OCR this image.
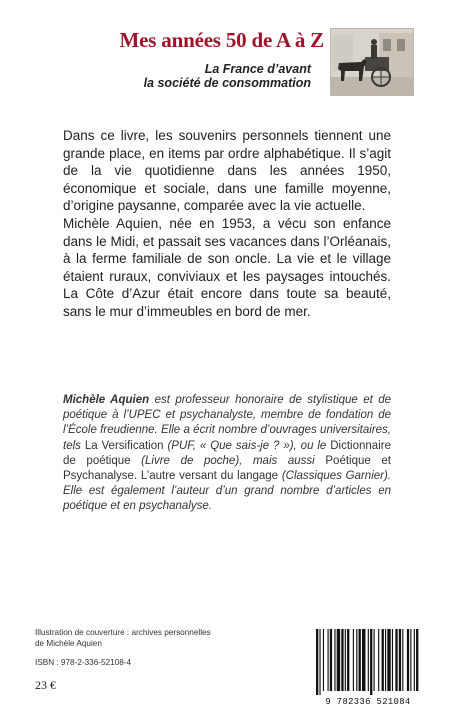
Mes années 50 de A à Z
La France d’avant
la société de consommation

Dans ce livre, les souvenirs personnels tiennent une grande place, en items par ordre alphabétique. Il s’agit de la vie quotidienne dans les années 1950, économique et sociale, dans une famille moyenne, d’origine paysanne, comparée avec la vie actuelle.

Michèle Aquien, née en 1953, a vécu son enfance dans le Midi, et passait ses vacances dans l’Orléanais, à la ferme familiale de son oncle. La vie et le village étaient ruraux, conviviaux et les paysages intouchés. La Côte d’Azur était encore dans toute sa beauté, sans le mur d’immeubles en bord de mer.

Michèle Aquien est professeur honoraire de stylistique et de poétique à l’UPEC et psychanalyste, membre de fondation de l’École freudienne. Elle a écrit nombre d’ouvrages universitaires, tels La Versification (PUF, « Que sais-je ? »), ou le Dictionnaire de poétique (Livre de poche), mais aussi Poétique et Psychanalyse. L’autre versant du langage (Classiques Garnier). Elle est également l’auteur d’un grand nombre d’articles en poétique et en psychanalyse.
Illustration de couverture : archives personnelles
de Michèle Aquien
ISBN : 978-2-336-52108-4
23 €
9 782336 521084
